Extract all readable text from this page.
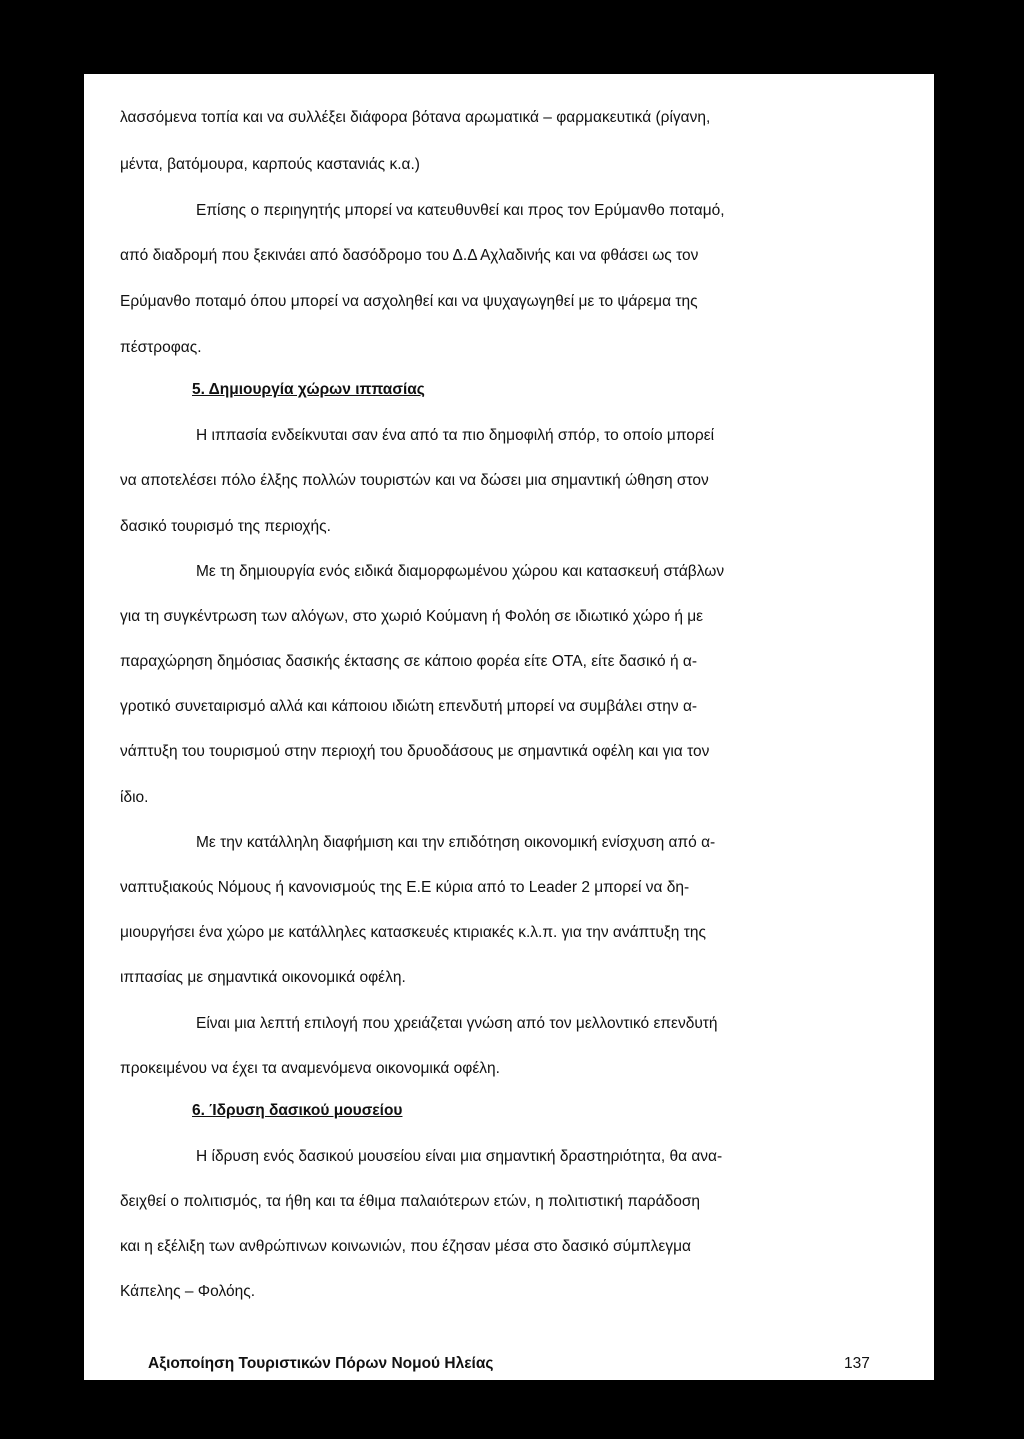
λασσόμενα τοπία και να συλλέξει διάφορα βότανα αρωματικά – φαρμακευτικά (ρίγανη,
μέντα, βατόμουρα, καρπούς καστανιάς κ.α.)
Επίσης ο περιηγητής μπορεί να κατευθυνθεί και προς τον Ερύμανθο ποταμό,
από διαδρομή που ξεκινάει από δασόδρομο του Δ.Δ Αχλαδινής και να φθάσει ως τον
Ερύμανθο ποταμό όπου μπορεί να ασχοληθεί και να ψυχαγωγηθεί με το ψάρεμα της
πέστροφας.
5. Δημιουργία χώρων ιππασίας
Η ιππασία ενδείκνυται σαν ένα από τα πιο δημοφιλή σπόρ, το οποίο μπορεί
να αποτελέσει πόλο έλξης πολλών τουριστών και να δώσει μια σημαντική ώθηση στον
δασικό τουρισμό της περιοχής.
Με τη δημιουργία ενός ειδικά διαμορφωμένου χώρου και κατασκευή στάβλων
για τη συγκέντρωση των αλόγων, στο χωριό Κούμανη ή Φολόη σε ιδιωτικό χώρο ή με
παραχώρηση δημόσιας δασικής έκτασης σε κάποιο φορέα είτε ΟΤΑ, είτε δασικό ή α-
γροτικό συνεταιρισμό αλλά και κάποιου ιδιώτη επενδυτή μπορεί να συμβάλει στην α-
νάπτυξη του τουρισμού στην περιοχή του δρυοδάσους με σημαντικά οφέλη και για τον
ίδιο.
Με την κατάλληλη διαφήμιση και την επιδότηση οικονομική ενίσχυση από α-
ναπτυξιακούς Νόμους ή κανονισμούς της Ε.Ε κύρια από το Leader 2 μπορεί να δη-
μιουργήσει ένα χώρο με κατάλληλες κατασκευές κτιριακές κ.λ.π. για την ανάπτυξη της
ιππασίας με σημαντικά οικονομικά οφέλη.
Είναι μια λεπτή επιλογή που χρειάζεται γνώση από τον μελλοντικό επενδυτή
προκειμένου να έχει τα αναμενόμενα οικονομικά οφέλη.
6. Ίδρυση δασικού μουσείου
Η ίδρυση ενός δασικού μουσείου είναι μια σημαντική δραστηριότητα, θα ανα-
δειχθεί ο πολιτισμός, τα ήθη και τα έθιμα παλαιότερων ετών, η πολιτιστική παράδοση
και η εξέλιξη των ανθρώπινων κοινωνιών, που έζησαν μέσα στο δασικό σύμπλεγμα
Κάπελης – Φολόης.
Αξιοποίηση Τουριστικών Πόρων Νομού Ηλείας	137
